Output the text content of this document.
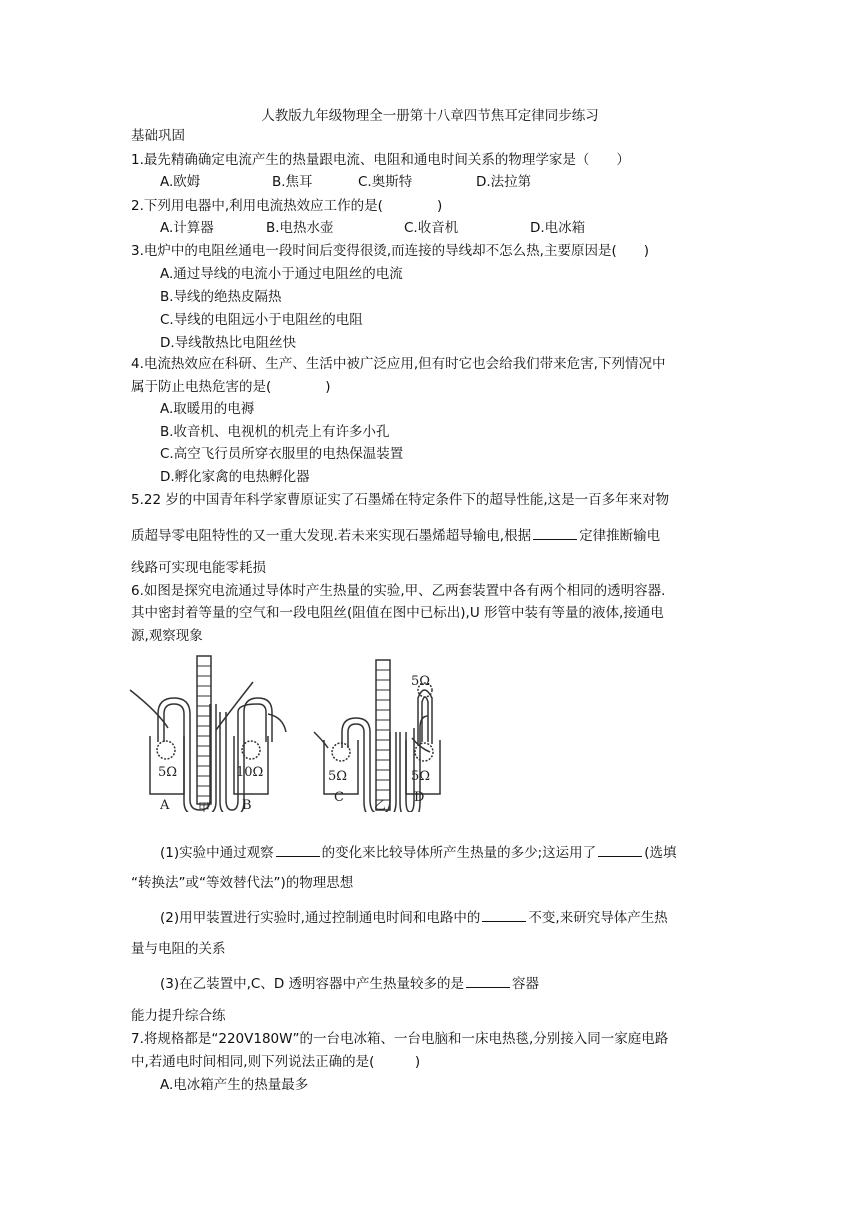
人教版九年级物理全一册第十八章四节焦耳定律同步练习
基础巩固
1.最先精确确定电流产生的热量跟电流、电阻和通电时间关系的物理学家是（　　）
A.欧姆	B.焦耳	C.奥斯特	D.法拉第
2.下列用电器中,利用电流热效应工作的是(　　　　)
A.计算器	B.电热水壶	C.收音机	D.电冰箱
3.电炉中的电阻丝通电一段时间后变得很烫,而连接的导线却不怎么热,主要原因是(　　)
A.通过导线的电流小于通过电阻丝的电流
B.导线的绝热皮隔热
C.导线的电阻远小于电阻丝的电阻
D.导线散热比电阻丝快
4.电流热效应在科研、生产、生活中被广泛应用,但有时它也会给我们带来危害,下列情况中
属于防止电热危害的是(　　　　)
A.取暖用的电褥
B.收音机、电视机的机壳上有许多小孔
C.高空飞行员所穿衣服里的电热保温装置
D.孵化家禽的电热孵化器
5.22 岁的中国青年科学家曹原证实了石墨烯在特定条件下的超导性能,这是一百多年来对物
质超导零电阻特性的又一重大发现.若未来实现石墨烯超导输电,根据	定律推断输电
线路可实现电能零耗损
6.如图是探究电流通过导体时产生热量的实验,甲、乙两套装置中各有两个相同的透明容器.
其中密封着等量的空气和一段电阻丝(阻值在图中已标出),U 形管中装有等量的液体,接通电
源,观察现象
5Ω	10Ω	5Ω
5Ω
5Ω
A 甲 B
C	乙 D
(1)实验中通过观察	的变化来比较导体所产生热量的多少;这运用了	(选填
“转换法”或“等效替代法”)的物理思想
(2)用甲装置进行实验时,通过控制通电时间和电路中的	不变,来研究导体产生热
量与电阻的关系
(3)在乙装置中,C、D 透明容器中产生热量较多的是	容器
能力提升综合练
7.将规格都是“220V180W”的一台电冰箱、一台电脑和一床电热毯,分别接入同一家庭电路
中,若通电时间相同,则下列说法正确的是(　　　)
A.电冰箱产生的热量最多
